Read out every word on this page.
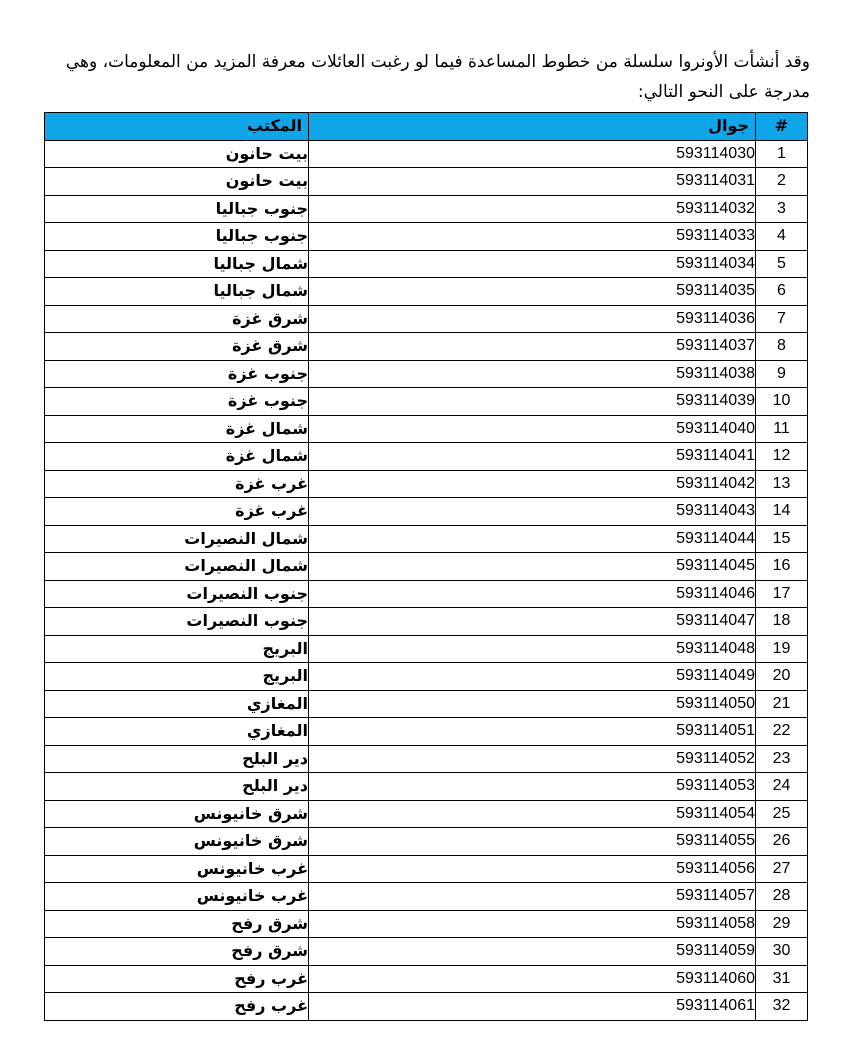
وقد أنشأت الأونروا سلسلة من خطوط المساعدة فيما لو رغبت العائلات معرفة المزيد من المعلومات، وهي مدرجة على النحو التالي:

#	جوال	المكتب
1	593114030	بيت حانون
2	593114031	بيت حانون
3	593114032	جنوب جباليا
4	593114033	جنوب جباليا
5	593114034	شمال جباليا
6	593114035	شمال جباليا
7	593114036	شرق غزة
8	593114037	شرق غزة
9	593114038	جنوب غزة
10	593114039	جنوب غزة
11	593114040	شمال غزة
12	593114041	شمال غزة
13	593114042	غرب غزة
14	593114043	غرب غزة
15	593114044	شمال النصيرات
16	593114045	شمال النصيرات
17	593114046	جنوب النصيرات
18	593114047	جنوب النصيرات
19	593114048	البريج
20	593114049	البريج
21	593114050	المغازي
22	593114051	المغازي
23	593114052	دير البلح
24	593114053	دير البلح
25	593114054	شرق خانيونس
26	593114055	شرق خانيونس
27	593114056	غرب خانيونس
28	593114057	غرب خانيونس
29	593114058	شرق رفح
30	593114059	شرق رفح
31	593114060	غرب رفح
32	593114061	غرب رفح
